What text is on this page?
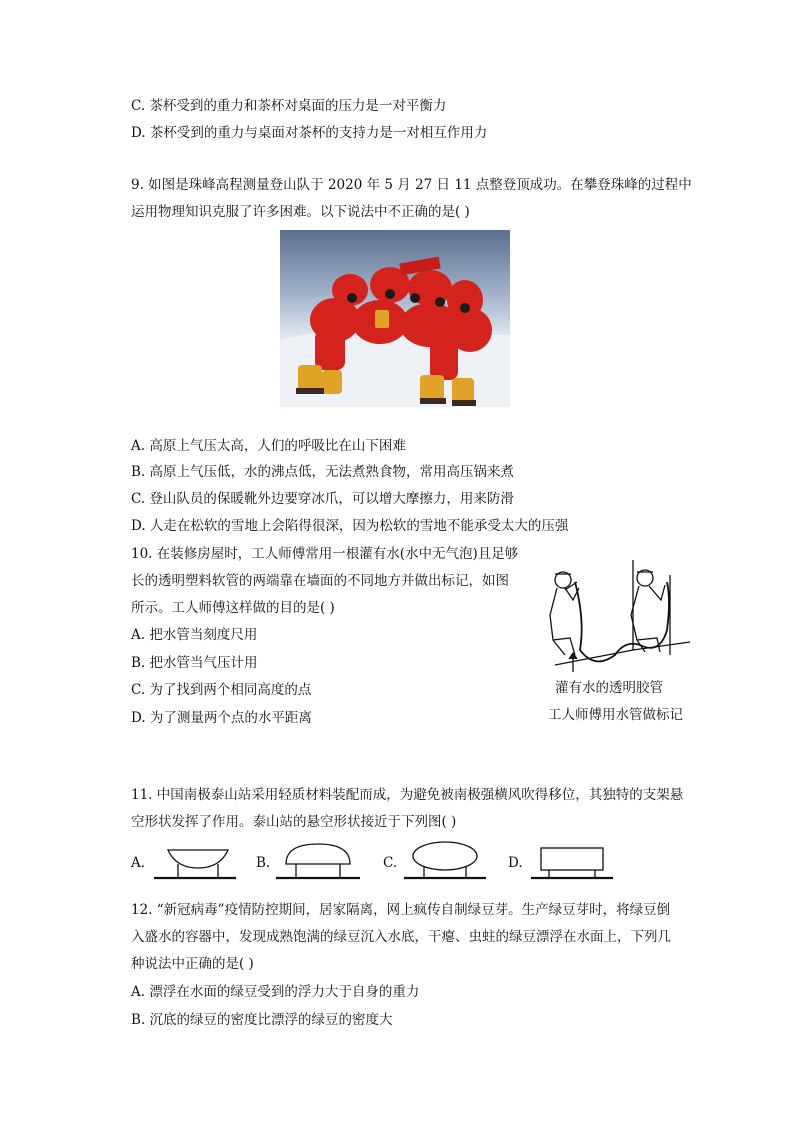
C. 茶杯受到的重力和茶杯对桌面的压力是一对平衡力
D. 茶杯受到的重力与桌面对茶杯的支持力是一对相互作用力
9. 如图是珠峰高程测量登山队于 2020 年 5 月 27 日 11 点整登顶成功。在攀登珠峰的过程中
运用物理知识克服了许多困难。以下说法中不正确的是( )
A. 高原上气压太高，人们的呼吸比在山下困难
B. 高原上气压低，水的沸点低，无法煮熟食物，常用高压锅来煮
C. 登山队员的保暖靴外边要穿冰爪，可以增大摩擦力，用来防滑
D. 人走在松软的雪地上会陷得很深，因为松软的雪地不能承受太大的压强
10. 在装修房屋时，工人师傅常用一根灌有水(水中无气泡)且足够
长的透明塑料软管的两端靠在墙面的不同地方并做出标记，如图
所示。工人师傅这样做的目的是( )
A. 把水管当刻度尺用
B. 把水管当气压计用
C. 为了找到两个相同高度的点
D. 为了测量两个点的水平距离
灌有水的透明胶管
工人师傅用水管做标记
11. 中国南极泰山站采用轻质材料装配而成，为避免被南极强横风吹得移位，其独特的支架悬
空形状发挥了作用。泰山站的悬空形状接近于下列图( )
A.	B.	C.	D.
12. “新冠病毒”疫情防控期间，居家隔离，网上疯传自制绿豆芽。生产绿豆芽时，将绿豆倒
入盛水的容器中，发现成熟饱满的绿豆沉入水底，干瘪、虫蛀的绿豆漂浮在水面上，下列几
种说法中正确的是( )
A. 漂浮在水面的绿豆受到的浮力大于自身的重力
B. 沉底的绿豆的密度比漂浮的绿豆的密度大
